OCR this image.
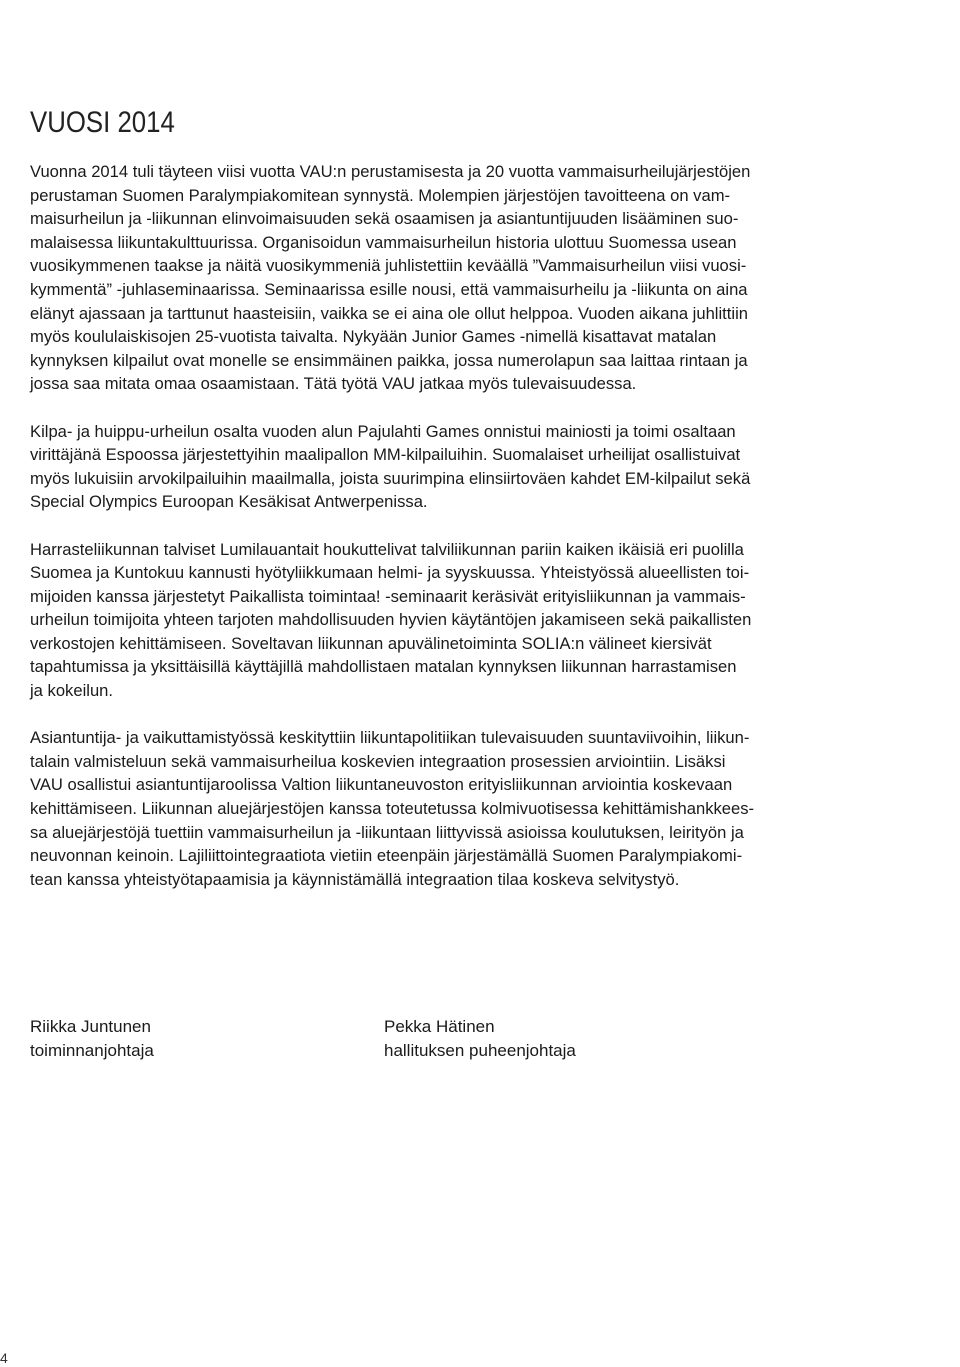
VUOSI 2014

Vuonna 2014 tuli täyteen viisi vuotta VAU:n perustamisesta ja 20 vuotta vammaisurheilujärjestöjen
perustaman Suomen Paralympiakomitean synnystä. Molempien järjestöjen tavoitteena on vam-
maisurheilun ja -liikunnan elinvoimaisuuden sekä osaamisen ja asiantuntijuuden lisääminen suo-
malaisessa liikuntakulttuurissa. Organisoidun vammaisurheilun historia ulottuu Suomessa usean
vuosikymmenen taakse ja näitä vuosikymmeniä juhlistettiin keväällä ”Vammaisurheilun viisi vuosi-
kymmentä” -juhlaseminaarissa. Seminaarissa esille nousi, että vammaisurheilu ja -liikunta on aina
elänyt ajassaan ja tarttunut haasteisiin, vaikka se ei aina ole ollut helppoa. Vuoden aikana juhlittiin
myös koululaiskisojen 25-vuotista taivalta. Nykyään Junior Games -nimellä kisattavat matalan
kynnyksen kilpailut ovat monelle se ensimmäinen paikka, jossa numerolapun saa laittaa rintaan ja
jossa saa mitata omaa osaamistaan. Tätä työtä VAU jatkaa myös tulevaisuudessa.

Kilpa- ja huippu-urheilun osalta vuoden alun Pajulahti Games onnistui mainiosti ja toimi osaltaan
virittäjänä Espoossa järjestettyihin maalipallon MM-kilpailuihin. Suomalaiset urheilijat osallistuivat
myös lukuisiin arvokilpailuihin maailmalla, joista suurimpina elinsiirtoväen kahdet EM-kilpailut sekä
Special Olympics Euroopan Kesäkisat Antwerpenissa.

Harrasteliikunnan talviset Lumilauantait houkuttelivat talviliikunnan pariin kaiken ikäisiä eri puolilla
Suomea ja Kuntokuu kannusti hyötyliikkumaan helmi- ja syyskuussa. Yhteistyössä alueellisten toi-
mijoiden kanssa järjestetyt Paikallista toimintaa! -seminaarit keräsivät erityisliikunnan ja vammais-
urheilun toimijoita yhteen tarjoten mahdollisuuden hyvien käytäntöjen jakamiseen sekä paikallisten
verkostojen kehittämiseen. Soveltavan liikunnan apuvälinetoiminta SOLIA:n välineet kiersivät
tapahtumissa ja yksittäisillä käyttäjillä mahdollistaen matalan kynnyksen liikunnan harrastamisen
ja kokeilun.

Asiantuntija- ja vaikuttamistyössä keskityttiin liikuntapolitiikan tulevaisuuden suuntaviivoihin, liikun-
talain valmisteluun sekä vammaisurheilua koskevien integraation prosessien arviointiin. Lisäksi
VAU osallistui asiantuntijaroolissa Valtion liikuntaneuvoston erityisliikunnan arviointia koskevaan
kehittämiseen. Liikunnan aluejärjestöjen kanssa toteutetussa kolmivuotisessa kehittämishankkees-
sa aluejärjestöjä tuettiin vammaisurheilun ja -liikuntaan liittyvissä asioissa koulutuksen, leirityön ja
neuvonnan keinoin. Lajiliittointegraatiota vietiin eteenpäin järjestämällä Suomen Paralympiakomi-
tean kanssa yhteistyötapaamisia ja käynnistämällä integraation tilaa koskeva selvitystyö.

Riikka Juntunen
toiminnanjohtaja
Pekka Hätinen
hallituksen puheenjohtaja
4
